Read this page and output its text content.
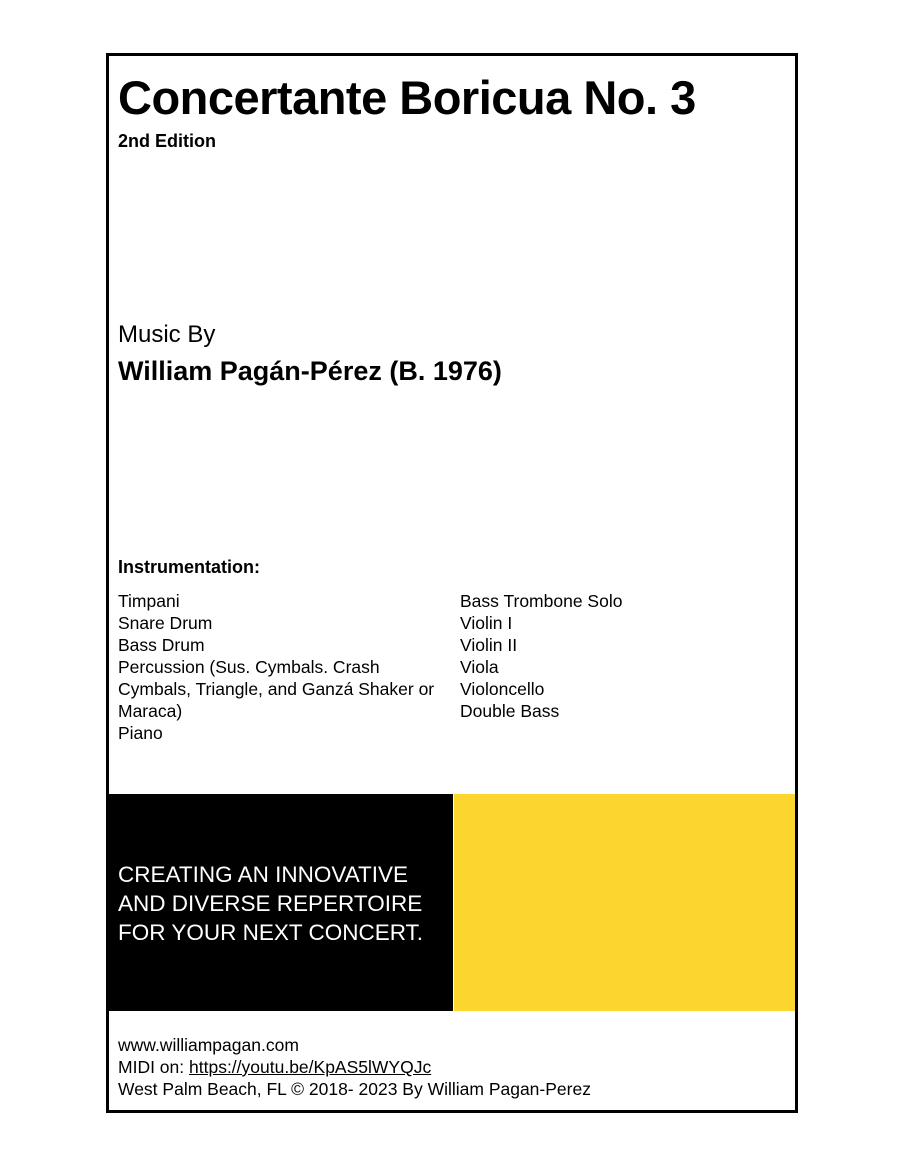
Concertante Boricua No. 3
2nd Edition
Music By
William Pagán-Pérez (B. 1976)
Instrumentation:
Timpani
Snare Drum
Bass Drum
Percussion (Sus. Cymbals. Crash Cymbals, Triangle, and Ganzá Shaker or Maraca)
Piano
Bass Trombone Solo
Violin I
Violin II
Viola
Violoncello
Double Bass
CREATING AN INNOVATIVE
AND DIVERSE REPERTOIRE
FOR YOUR NEXT CONCERT.
www.williampagan.com
MIDI on: https://youtu.be/KpAS5lWYQJc
West Palm Beach, FL © 2018- 2023 By William Pagan-Perez
